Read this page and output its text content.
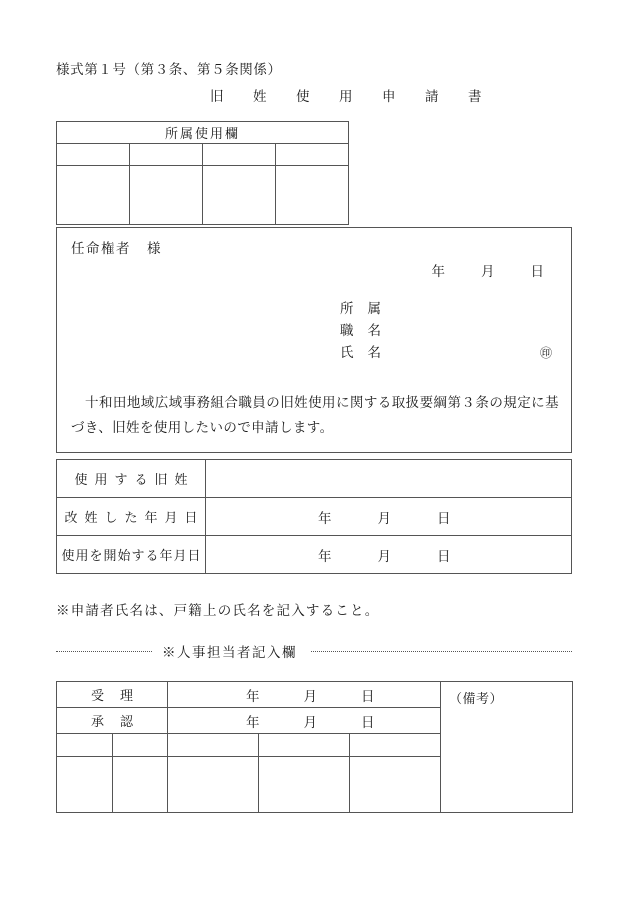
様式第１号（第３条、第５条関係）
旧　姓　使　用　申　請　書
所属使用欄			

任命権者 様
年	月	日
所属
職名
氏名	㊞
十和田地域広域事務組合職員の旧姓使用に関する取扱要綱第３条の規定に基づき、旧姓を使用したいので申請します。
使用する旧姓	
改姓した年月日	年 月 日
使用を開始する年月日	年 月 日
※申請者氏名は、戸籍上の氏名を記入すること。
※人事担当者記入欄
受理		年 月 日			（備考）
承認		年 月 日			
